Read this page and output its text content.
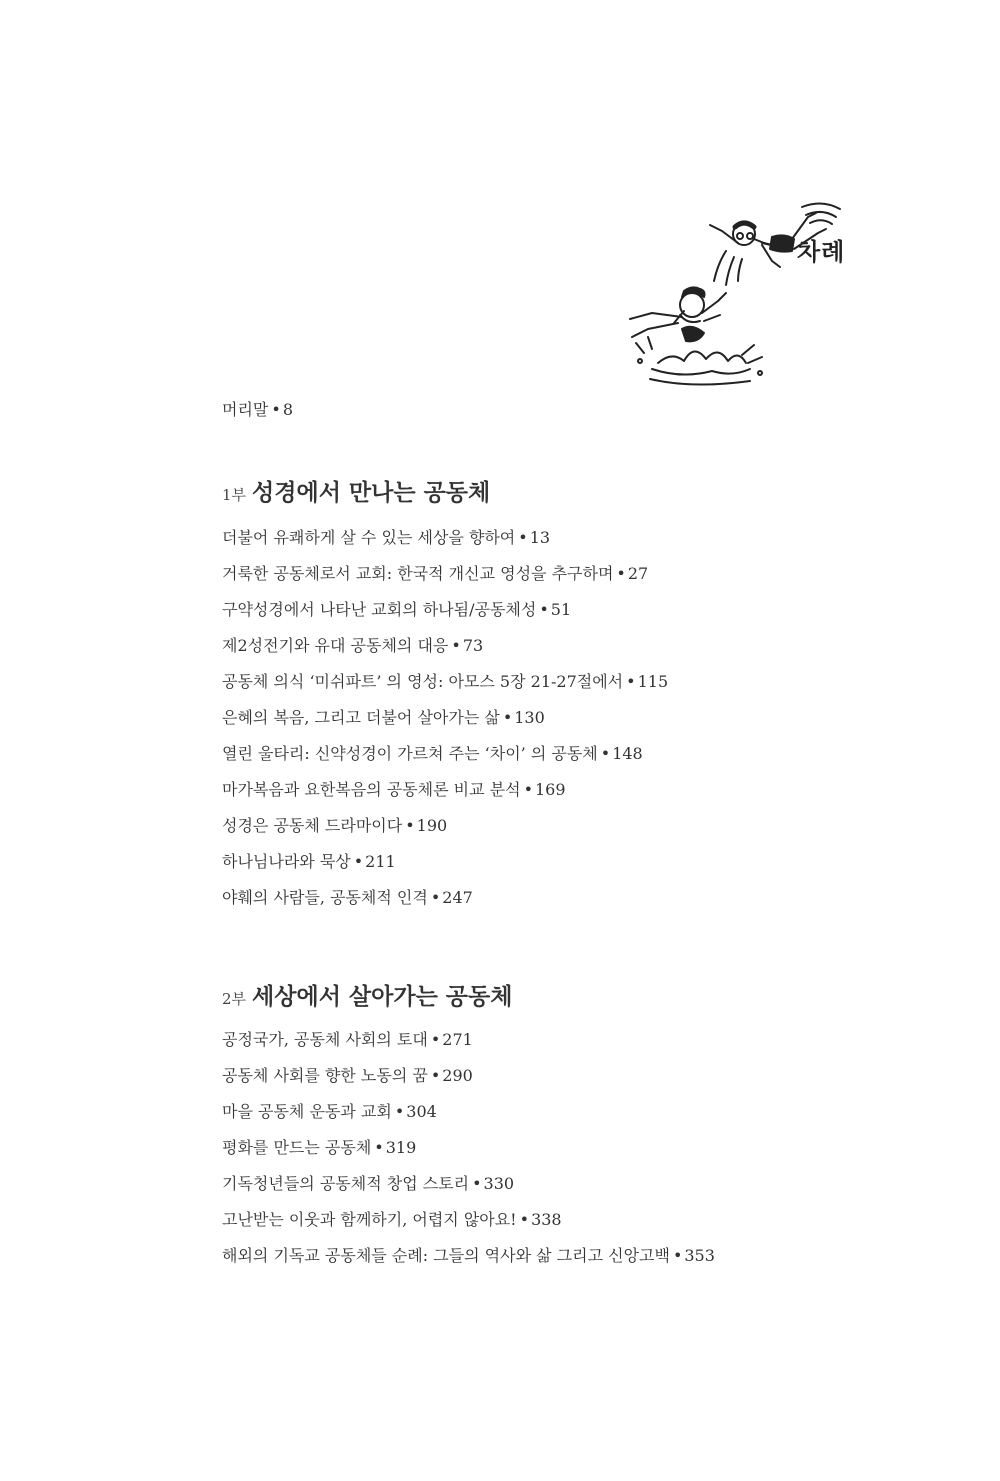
차례
머리말 • 8
1부 성경에서 만나는 공동체
더불어 유쾌하게 살 수 있는 세상을 향하여 • 13
거룩한 공동체로서 교회: 한국적 개신교 영성을 추구하며 • 27
구약성경에서 나타난 교회의 하나됨/공동체성 • 51
제2성전기와 유대 공동체의 대응 • 73
공동체 의식 ‘미쉬파트’ 의 영성: 아모스 5장 21-27절에서 • 115
은혜의 복음, 그리고 더불어 살아가는 삶 • 130
열린 울타리: 신약성경이 가르쳐 주는 ‘차이’ 의 공동체 • 148
마가복음과 요한복음의 공동체론 비교 분석 • 169
성경은 공동체 드라마이다 • 190
하나님나라와 묵상 • 211
야훼의 사람들, 공동체적 인격 • 247
2부 세상에서 살아가는 공동체
공정국가, 공동체 사회의 토대 • 271
공동체 사회를 향한 노동의 꿈 • 290
마을 공동체 운동과 교회 • 304
평화를 만드는 공동체 • 319
기독청년들의 공동체적 창업 스토리 • 330
고난받는 이웃과 함께하기, 어렵지 않아요! • 338
해외의 기독교 공동체들 순례: 그들의 역사와 삶 그리고 신앙고백 • 353
